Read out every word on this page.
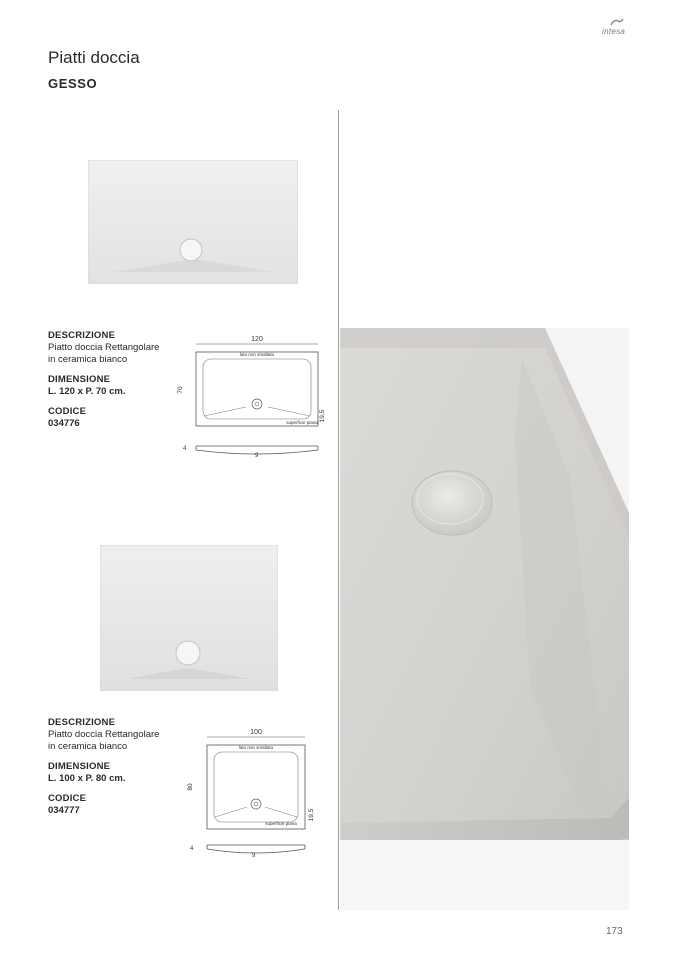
intesa
Piatti doccia
GESSO
DESCRIZIONE
Piatto doccia Rettangolare
in ceramica bianco
DIMENSIONE
L. 120 x P. 70 cm.
CODICE
034776
120
lato non smaltato
70
superficie piana
19,5
4
9
DESCRIZIONE
Piatto doccia Rettangolare
in ceramica bianco
DIMENSIONE
L. 100 x P. 80 cm.
CODICE
034777
100
lato non smaltato
80
superficie piana
19,5
4
9
173
